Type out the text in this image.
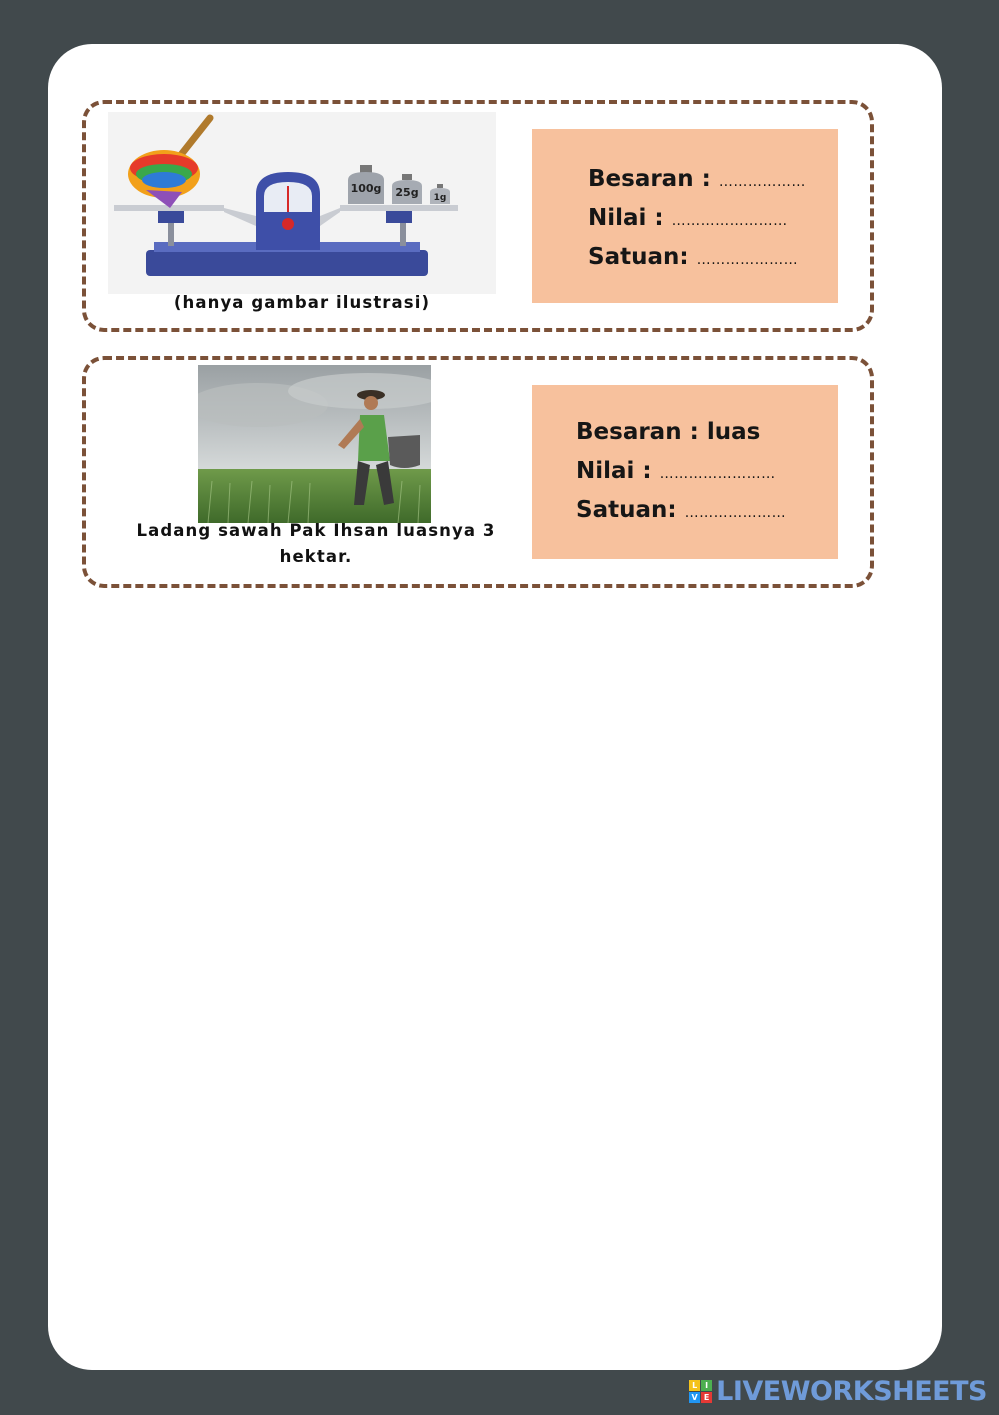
100g 25g 1g
(hanya gambar ilustrasi)
Besaran : ………………
Nilai : ……………………
Satuan: …………………
Ladang sawah Pak Ihsan luasnya 3 hektar.
Besaran : luas
Nilai : ……………………
Satuan: …………………
L I
V E LIVEWORKSHEETS
